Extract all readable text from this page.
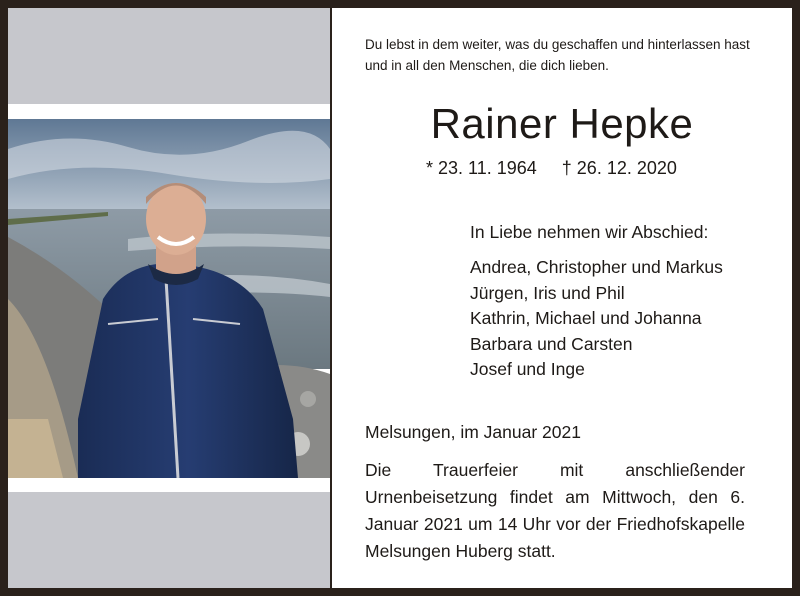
Du lebst in dem weiter, was du geschaffen und hinterlassen hast und in all den Menschen, die dich lieben.
Rainer Hepke
* 23. 11. 1964 † 26. 12. 2020
In Liebe nehmen wir Abschied:
Andrea, Christopher und Markus
Jürgen, Iris und Phil
Kathrin, Michael und Johanna
Barbara und Carsten
Josef und Inge
Melsungen, im Januar 2021
Die Trauerfeier mit anschließender Urnenbeisetzung findet am Mittwoch, den 6. Januar 2021 um 14 Uhr vor der Friedhofskapelle Melsungen Huberg statt.
